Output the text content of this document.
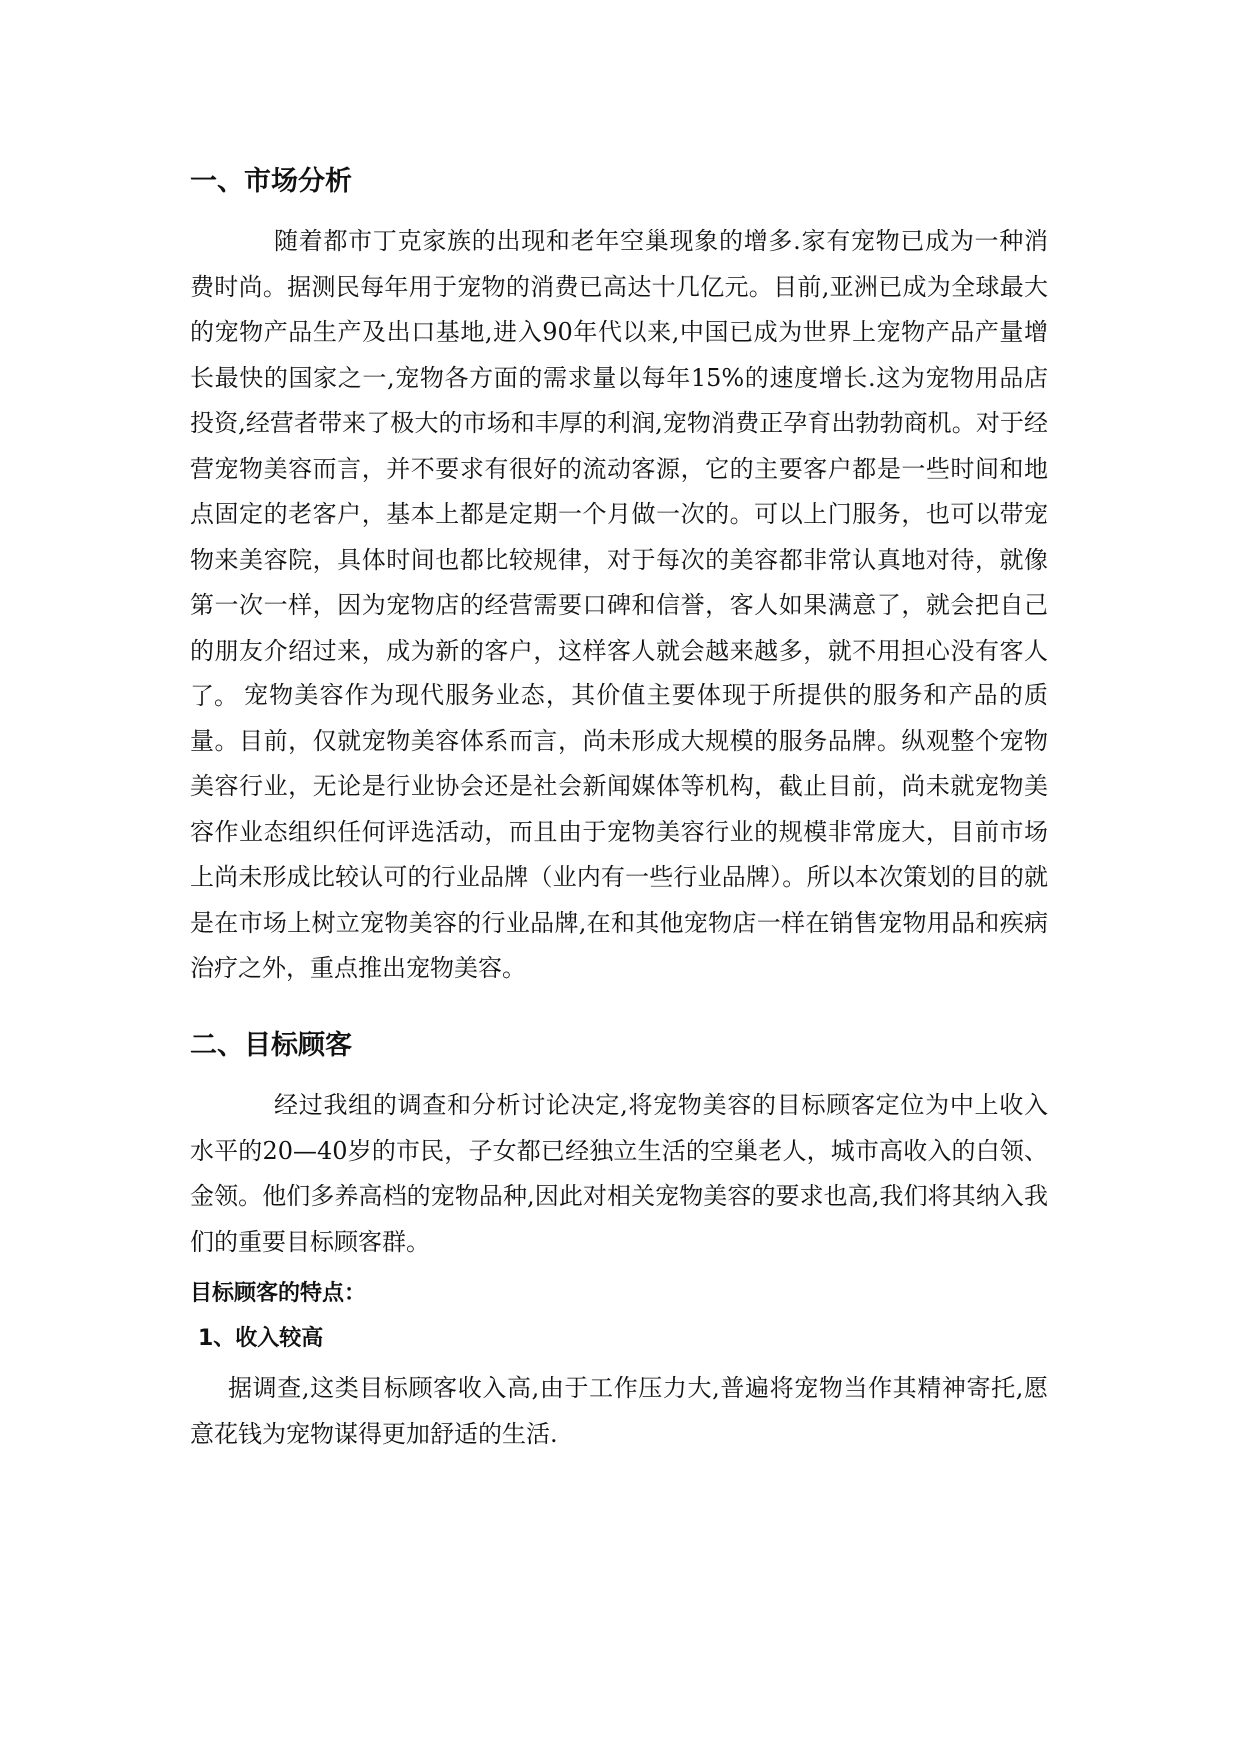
一、市场分析

随着都市丁克家族的出现和老年空巢现象的增多.家有宠物已成为一种消费时尚。据测民每年用于宠物的消费已高达十几亿元。目前,亚洲已成为全球最大的宠物产品生产及出口基地,进入90年代以来,中国已成为世界上宠物产品产量增长最快的国家之一,宠物各方面的需求量以每年15%的速度增长.这为宠物用品店投资,经营者带来了极大的市场和丰厚的利润,宠物消费正孕育出勃勃商机。对于经营宠物美容而言，并不要求有很好的流动客源，它的主要客户都是一些时间和地点固定的老客户，基本上都是定期一个月做一次的。可以上门服务，也可以带宠物来美容院，具体时间也都比较规律，对于每次的美容都非常认真地对待，就像第一次一样，因为宠物店的经营需要口碑和信誉，客人如果满意了，就会把自己的朋友介绍过来，成为新的客户，这样客人就会越来越多，就不用担心没有客人了。 宠物美容作为现代服务业态，其价值主要体现于所提供的服务和产品的质量。目前，仅就宠物美容体系而言，尚未形成大规模的服务品牌。纵观整个宠物美容行业，无论是行业协会还是社会新闻媒体等机构，截止目前，尚未就宠物美容作业态组织任何评选活动，而且由于宠物美容行业的规模非常庞大，目前市场上尚未形成比较认可的行业品牌（业内有一些行业品牌）。所以本次策划的目的就是在市场上树立宠物美容的行业品牌,在和其他宠物店一样在销售宠物用品和疾病治疗之外，重点推出宠物美容。

二、目标顾客

经过我组的调查和分析讨论决定,将宠物美容的目标顾客定位为中上收入水平的20—40岁的市民，子女都已经独立生活的空巢老人，城市高收入的白领、金领。他们多养高档的宠物品种,因此对相关宠物美容的要求也高,我们将其纳入我们的重要目标顾客群。

目标顾客的特点：
1、收入较高

据调查,这类目标顾客收入高,由于工作压力大,普遍将宠物当作其精神寄托,愿意花钱为宠物谋得更加舒适的生活.
